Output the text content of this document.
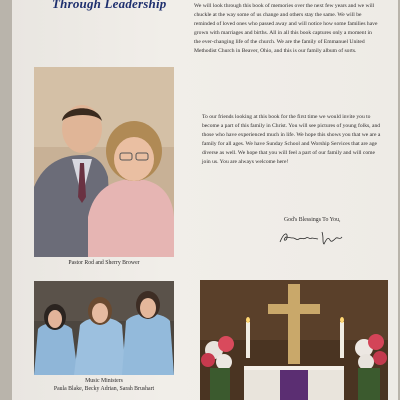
Through Leadership	We will look through this book of memories over the next few years and we will chuckle at the way some of us change and others stay the same. We will be reminded of loved ones who passed away and will notice how some families have grown with marriages and births. All in all this book captures only a moment in the ever-changing life of the church. We are the family of Emmanuel United Methodist Church in Beaver, Ohio, and this is our family album of sorts.
To our friends looking at this book for the first time we would invite you to become a part of this family in Christ. You will see pictures of young folks, and those who have experienced much in life. We hope this shows you that we are a family for all ages. We have Sunday School and Worship Services that are age diverse as well. We hope that you will feel a part of our family and will come join us. You are always welcome here!
God's Blessings To You,
Pastor Rod and Sherry Brower
Music Ministers
Paula Blake, Becky Adrian, Sarah Brushart
